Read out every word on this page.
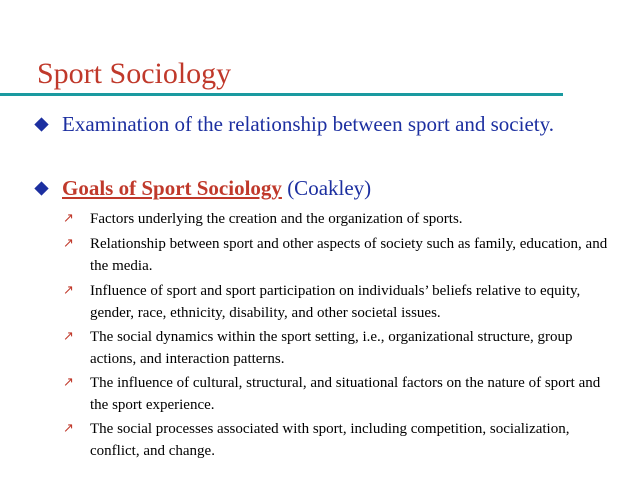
Sport Sociology
Examination of the relationship between sport and society.
Goals of Sport Sociology (Coakley)
↗ Factors underlying the creation and the organization of sports.
↗ Relationship between sport and other aspects of society such as family, education, and the media.
↗ Influence of sport and sport participation on individuals’ beliefs relative to equity, gender, race, ethnicity, disability, and other societal issues.
↗ The social dynamics within the sport setting, i.e., organizational structure, group actions, and interaction patterns.
↗ The influence of cultural, structural, and situational factors on the nature of sport and the sport experience.
↗ The social processes associated with sport, including competition, socialization, conflict, and change.
